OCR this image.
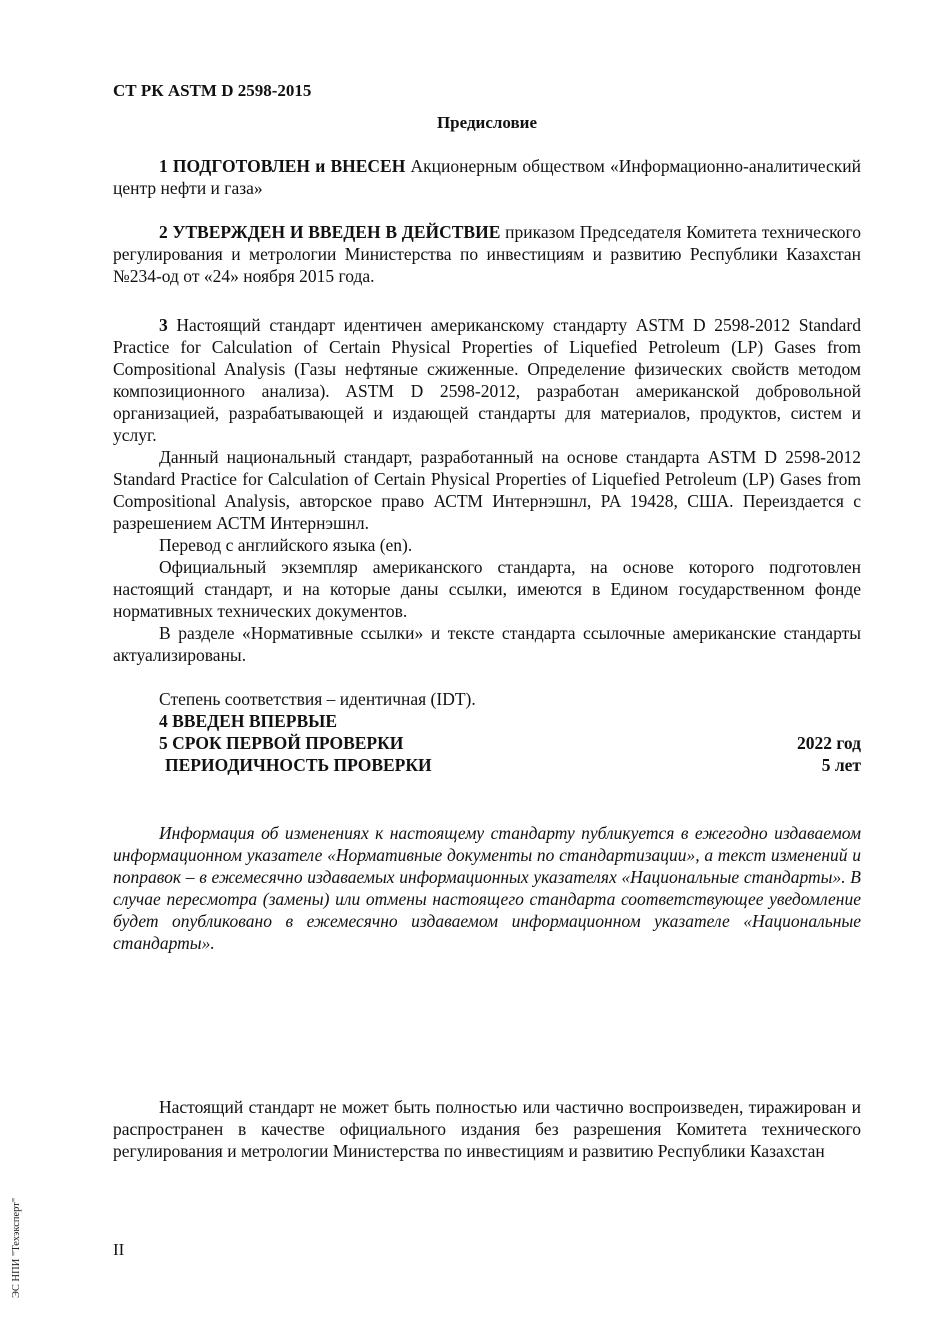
СТ РК ASTM D 2598-2015

Предисловие

1 ПОДГОТОВЛЕН и ВНЕСЕН Акционерным обществом «Информационно-аналитический центр нефти и газа»

2 УТВЕРЖДЕН И ВВЕДЕН В ДЕЙСТВИЕ приказом Председателя Комитета технического регулирования и метрологии Министерства по инвестициям и развитию Республики Казахстан №234-од от «24» ноября 2015 года.

3 Настоящий стандарт идентичен американскому стандарту ASTM D 2598-2012 Standard Practice for Calculation of Certain Physical Properties of Liquefied Petroleum (LP) Gases from Compositional Analysis (Газы нефтяные сжиженные. Определение физических свойств методом композиционного анализа). ASTM D 2598-2012, разработан американской добровольной организацией, разрабатывающей и издающей стандарты для материалов, продуктов, систем и услуг.

Данный национальный стандарт, разработанный на основе стандарта ASTM D 2598-2012 Standard Practice for Calculation of Certain Physical Properties of Liquefied Petroleum (LP) Gases from Compositional Analysis, авторское право АСТМ Интернэшнл, PA 19428, США. Переиздается с разрешением АСТМ Интернэшнл.

Перевод с английского языка (en).

Официальный экземпляр американского стандарта, на основе которого подготовлен настоящий стандарт, и на которые даны ссылки, имеются в Едином государственном фонде нормативных технических документов.

В разделе «Нормативные ссылки» и тексте стандарта ссылочные американские стандарты актуализированы.

Степень соответствия – идентичная (IDT).

4 ВВЕДЕН ВПЕРВЫЕ

5 СРОК ПЕРВОЙ ПРОВЕРКИ	2022 год
ПЕРИОДИЧНОСТЬ ПРОВЕРКИ	5 лет

Информация об изменениях к настоящему стандарту публикуется в ежегодно издаваемом информационном указателе «Нормативные документы по стандартизации», а текст изменений и поправок – в ежемесячно издаваемых информационных указателях «Национальные стандарты». В случае пересмотра (замены) или отмены настоящего стандарта соответствующее уведомление будет опубликовано в ежемесячно издаваемом информационном указателе «Национальные стандарты».

Настоящий стандарт не может быть полностью или частично воспроизведен, тиражирован и распространен в качестве официального издания без разрешения Комитета технического регулирования и метрологии Министерства по инвестициям и развитию Республики Казахстан

II
ЭС НПИ "Техэксперт"
